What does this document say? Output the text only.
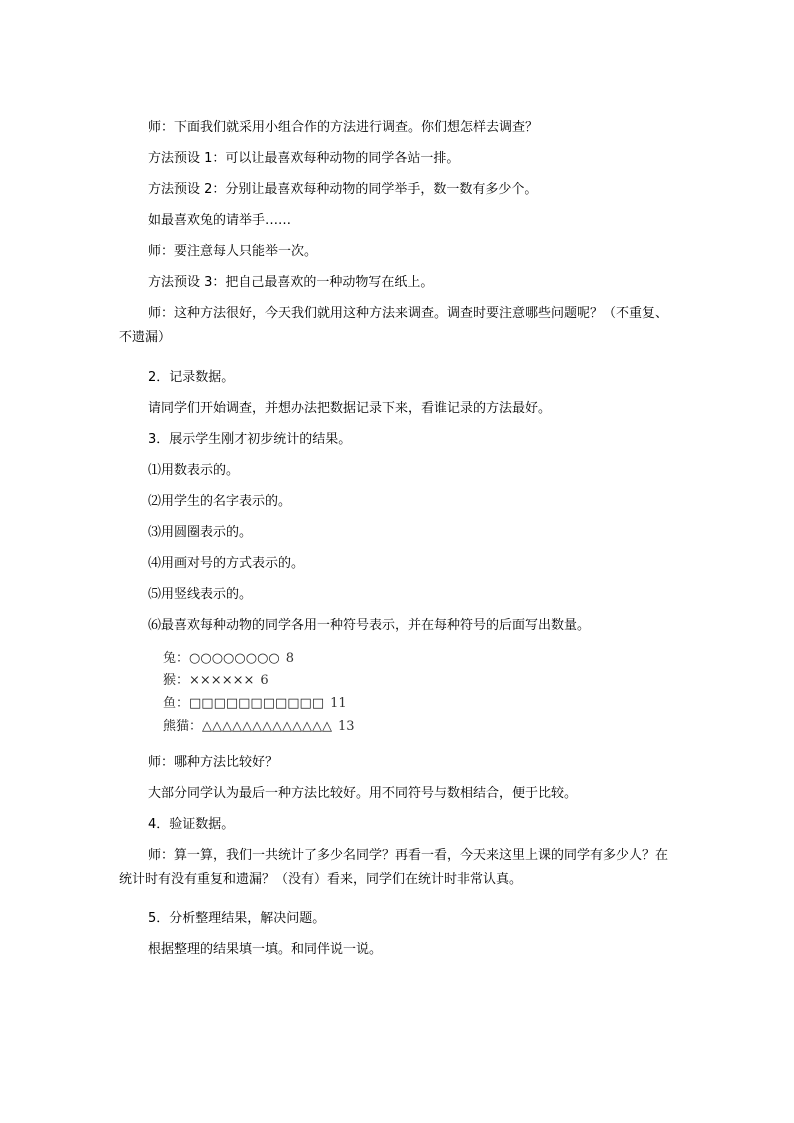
师：下面我们就采用小组合作的方法进行调查。你们想怎样去调查？
方法预设 1：可以让最喜欢每种动物的同学各站一排。
方法预设 2：分别让最喜欢每种动物的同学举手，数一数有多少个。
如最喜欢兔的请举手……
师：要注意每人只能举一次。
方法预设 3：把自己最喜欢的一种动物写在纸上。
师：这种方法很好，今天我们就用这种方法来调查。调查时要注意哪些问题呢？（不重复、不遗漏）
2．记录数据。
请同学们开始调查，并想办法把数据记录下来，看谁记录的方法最好。
3．展示学生刚才初步统计的结果。
⑴用数表示的。
⑵用学生的名字表示的。
⑶用圆圈表示的。
⑷用画对号的方式表示的。
⑸用竖线表示的。
⑹最喜欢每种动物的同学各用一种符号表示，并在每种符号的后面写出数量。
兔：○○○○○○○○ 8
猴：×××××× 6
鱼：□□□□□□□□□□□ 11
熊猫：△△△△△△△△△△△△△ 13
师：哪种方法比较好？
大部分同学认为最后一种方法比较好。用不同符号与数相结合，便于比较。
4．验证数据。
师：算一算，我们一共统计了多少名同学？再看一看，今天来这里上课的同学有多少人？在统计时有没有重复和遗漏？（没有）看来，同学们在统计时非常认真。
5．分析整理结果，解决问题。
根据整理的结果填一填。和同伴说一说。
